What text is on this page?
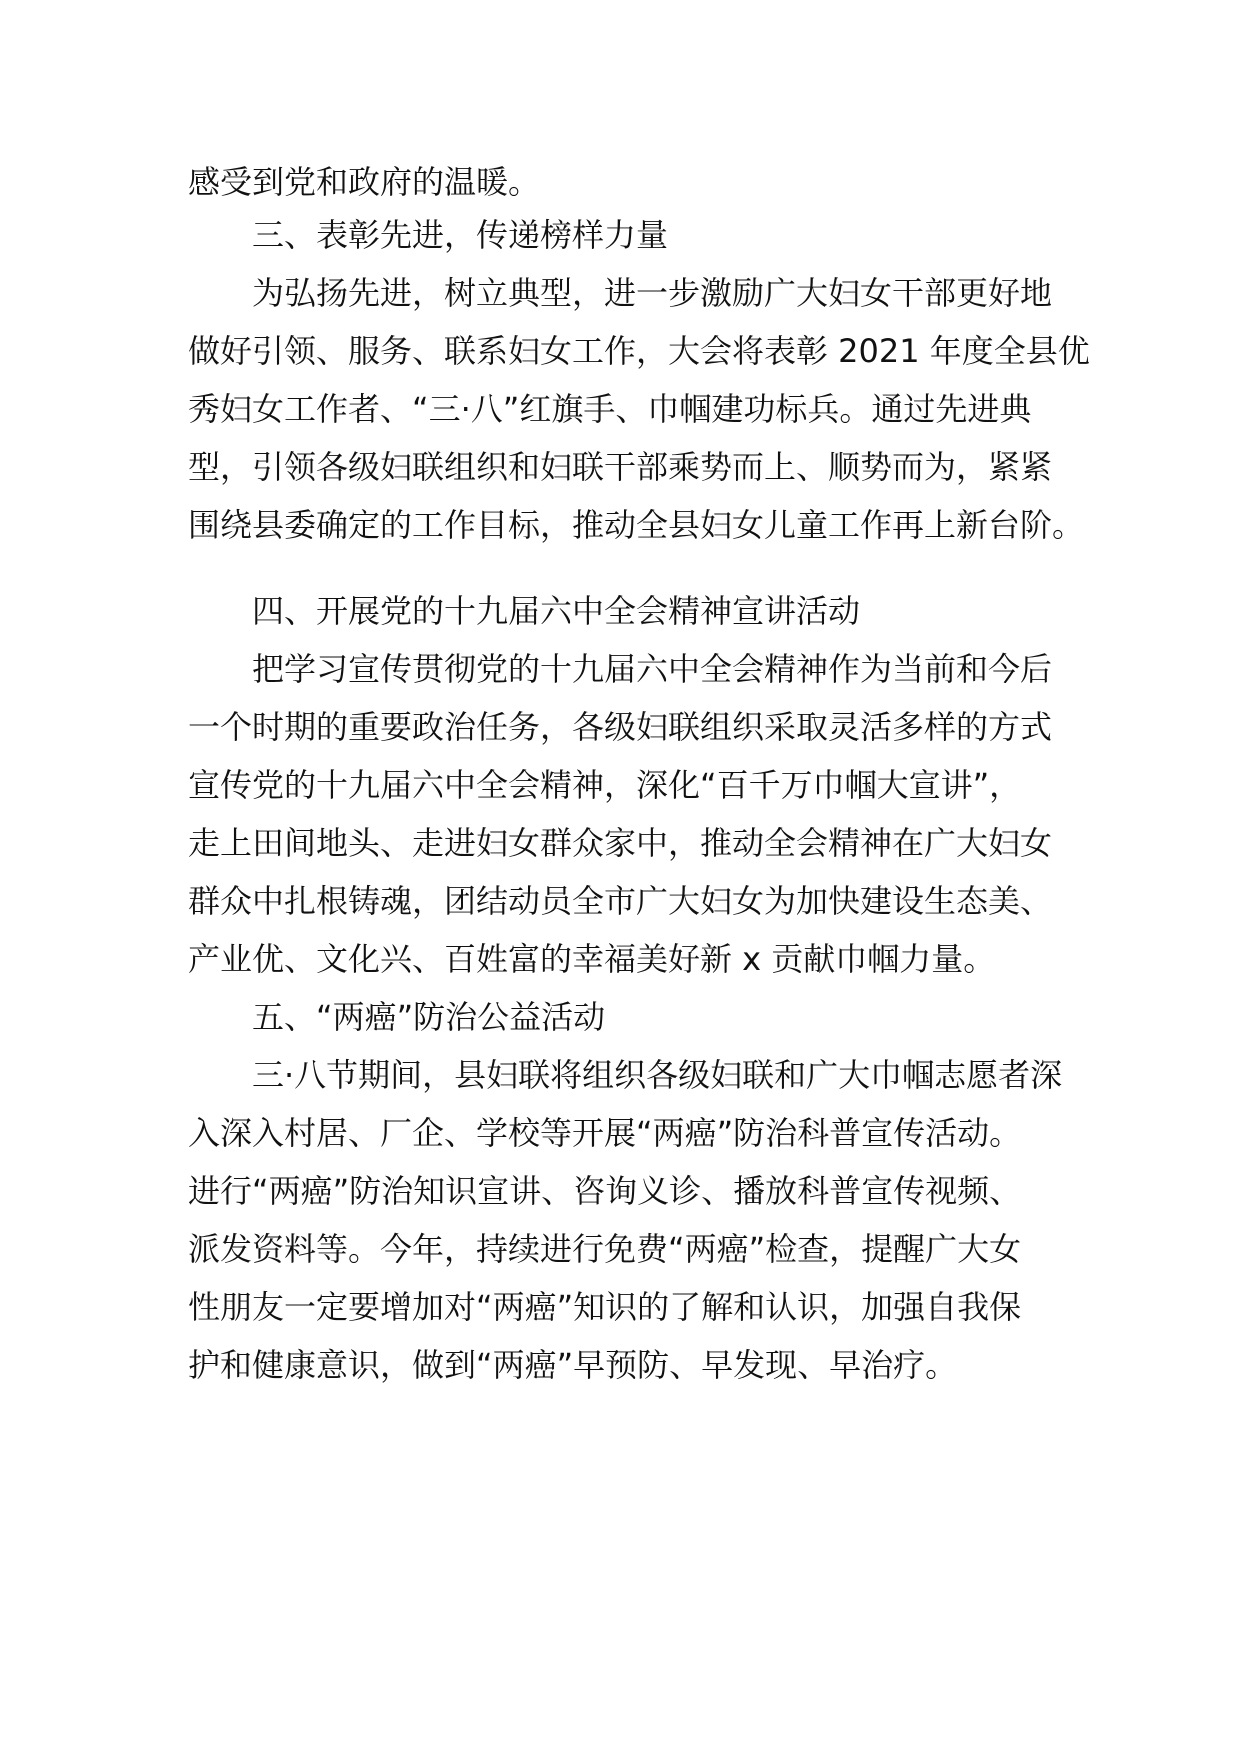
感受到党和政府的温暖。
三、表彰先进，传递榜样力量
为弘扬先进，树立典型，进一步激励广大妇女干部更好地
做好引领、服务、联系妇女工作，大会将表彰 2021 年度全县优
秀妇女工作者、“三·八”红旗手、巾帼建功标兵。通过先进典
型，引领各级妇联组织和妇联干部乘势而上、顺势而为，紧紧
围绕县委确定的工作目标，推动全县妇女儿童工作再上新台阶。
四、开展党的十九届六中全会精神宣讲活动
把学习宣传贯彻党的十九届六中全会精神作为当前和今后
一个时期的重要政治任务，各级妇联组织采取灵活多样的方式
宣传党的十九届六中全会精神，深化“百千万巾帼大宣讲”，
走上田间地头、走进妇女群众家中，推动全会精神在广大妇女
群众中扎根铸魂，团结动员全市广大妇女为加快建设生态美、
产业优、文化兴、百姓富的幸福美好新 x 贡献巾帼力量。
五、“两癌”防治公益活动
三·八节期间，县妇联将组织各级妇联和广大巾帼志愿者深
入深入村居、厂企、学校等开展“两癌”防治科普宣传活动。
进行“两癌”防治知识宣讲、咨询义诊、播放科普宣传视频、
派发资料等。今年，持续进行免费“两癌”检查，提醒广大女
性朋友一定要增加对“两癌”知识的了解和认识，加强自我保
护和健康意识，做到“两癌”早预防、早发现、早治疗。
